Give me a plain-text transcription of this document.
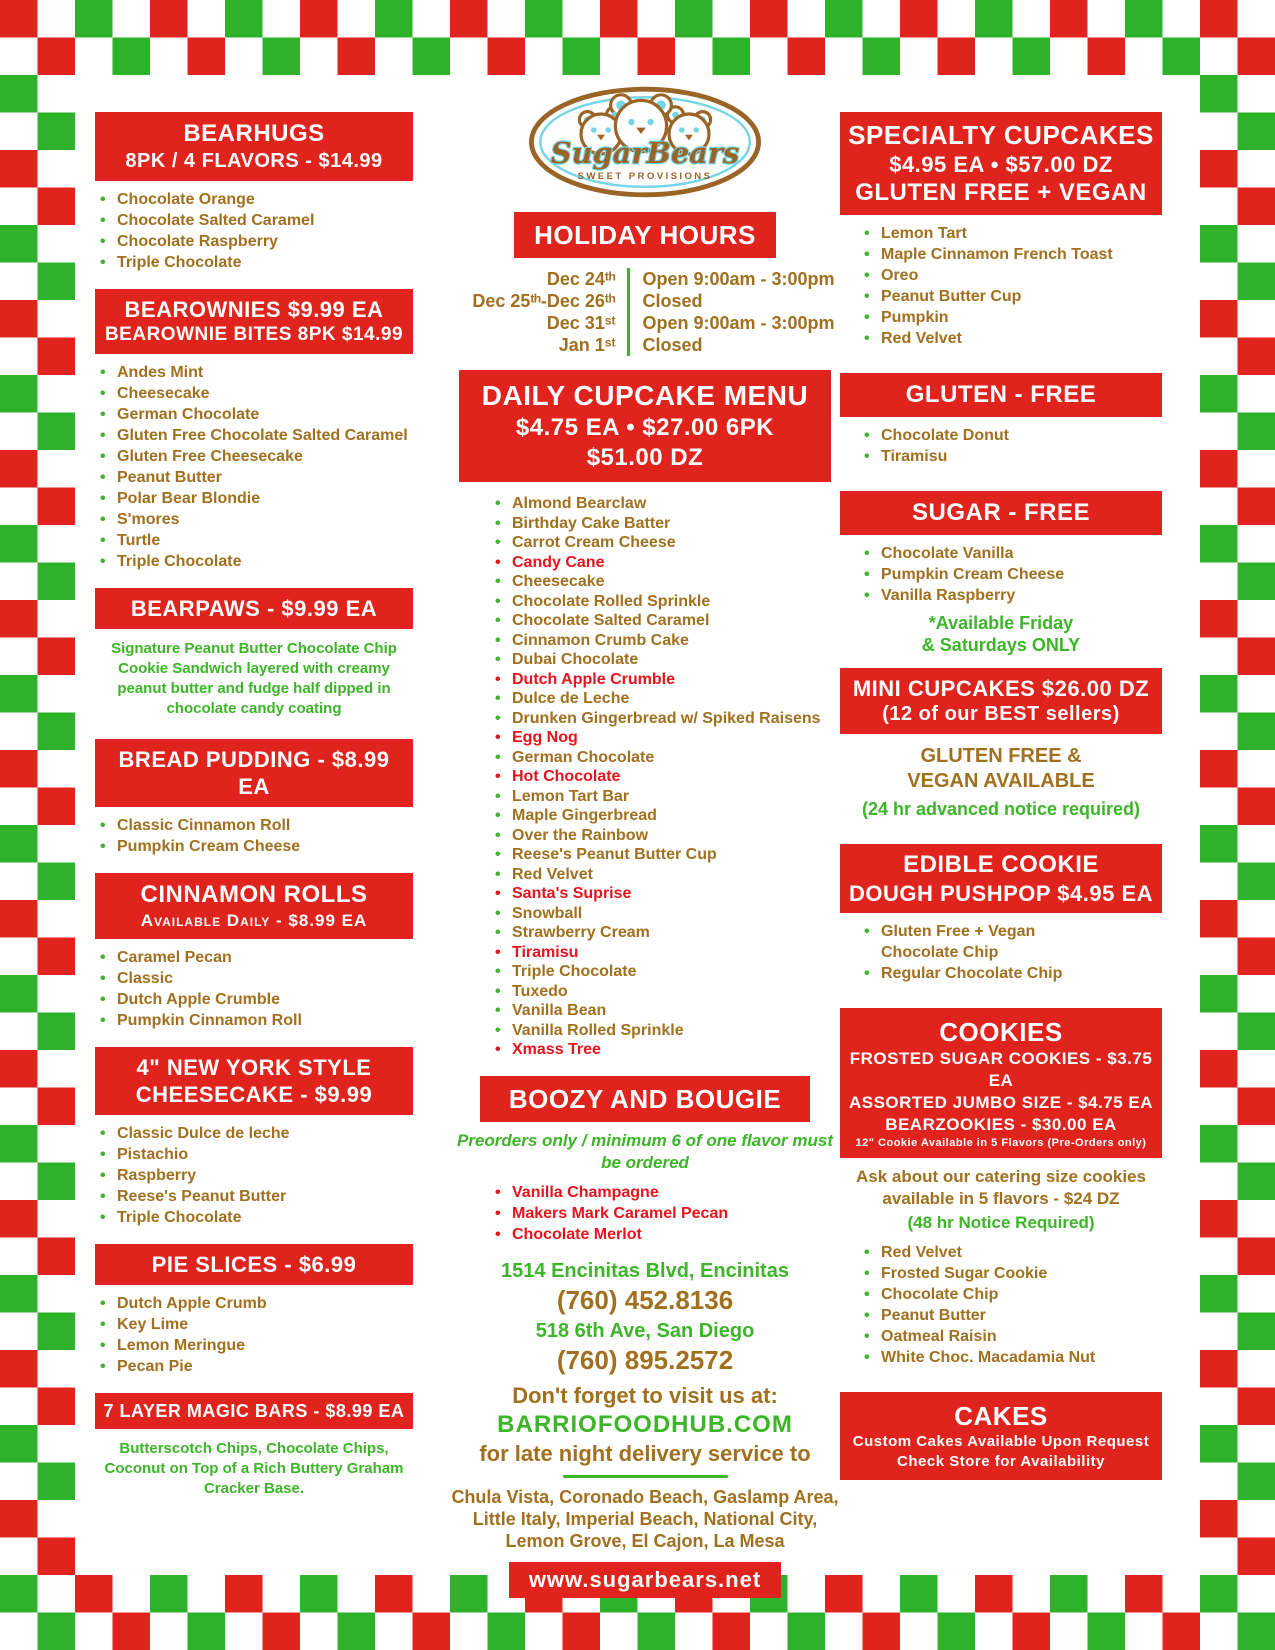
BEARHUGS
8PK / 4 FLAVORS - $14.99
• Chocolate Orange
• Chocolate Salted Caramel
• Chocolate Raspberry
• Triple Chocolate
BEAROWNIES $9.99 EA
BEAROWNIE BITES 8PK $14.99
• Andes Mint
• Cheesecake
• German Chocolate
• Gluten Free Chocolate Salted Caramel
• Gluten Free Cheesecake
• Peanut Butter
• Polar Bear Blondie
• S'mores
• Turtle
• Triple Chocolate
BEARPAWS - $9.99 EA

Signature Peanut Butter Chocolate Chip Cookie Sandwich layered with creamy peanut butter and fudge half dipped in chocolate candy coating

BREAD PUDDING - $8.99 EA
• Classic Cinnamon Roll
• Pumpkin Cream Cheese
CINNAMON ROLLS
Available Daily - $8.99 EA
• Caramel Pecan
• Classic
• Dutch Apple Crumble
• Pumpkin Cinnamon Roll
4" NEW YORK STYLE
CHEESECAKE - $9.99
• Classic Dulce de leche
• Pistachio
• Raspberry
• Reese's Peanut Butter
• Triple Chocolate
PIE SLICES - $6.99
• Dutch Apple Crumb
• Key Lime
• Lemon Meringue
• Pecan Pie
7 LAYER MAGIC BARS - $8.99 EA

Butterscotch Chips, Chocolate Chips, Coconut on Top of a Rich Buttery Graham Cracker Base.

SugarBears
SWEET PROVISIONS
HOLIDAY HOURS
Dec 24ᵗʰ	Open 9:00am - 3:00pm
Dec 25ᵗʰ-Dec 26ᵗʰ	Closed
Dec 31ˢᵗ	Open 9:00am - 3:00pm
Jan 1ˢᵗ	Closed
DAILY CUPCAKE MENU
$4.75 EA • $27.00 6PK
$51.00 DZ
• Almond Bearclaw
• Birthday Cake Batter
• Carrot Cream Cheese
• Candy Cane
• Cheesecake
• Chocolate Rolled Sprinkle
• Chocolate Salted Caramel
• Cinnamon Crumb Cake
• Dubai Chocolate
• Dutch Apple Crumble
• Dulce de Leche
• Drunken Gingerbread w/ Spiked Raisens
• Egg Nog
• German Chocolate
• Hot Chocolate
• Lemon Tart Bar
• Maple Gingerbread
• Over the Rainbow
• Reese's Peanut Butter Cup
• Red Velvet
• Santa's Suprise
• Snowball
• Strawberry Cream
• Tiramisu
• Triple Chocolate
• Tuxedo
• Vanilla Bean
• Vanilla Rolled Sprinkle
• Xmass Tree
BOOZY AND BOUGIE
Preorders only / minimum 6 of one flavor must be ordered
• Vanilla Champagne
• Makers Mark Caramel Pecan
• Chocolate Merlot
1514 Encinitas Blvd, Encinitas
(760) 452.8136
518 6th Ave, San Diego
(760) 895.2572
Don't forget to visit us at:
BARRIOFOODHUB.COM
for late night delivery service to
Chula Vista, Coronado Beach, Gaslamp Area, Little Italy, Imperial Beach, National City, Lemon Grove, El Cajon, La Mesa
www.sugarbears.net
SPECIALTY CUPCAKES
$4.95 EA • $57.00 DZ
GLUTEN FREE + VEGAN
• Lemon Tart
• Maple Cinnamon French Toast
• Oreo
• Peanut Butter Cup
• Pumpkin
• Red Velvet
GLUTEN - FREE
• Chocolate Donut
• Tiramisu
SUGAR - FREE
• Chocolate Vanilla
• Pumpkin Cream Cheese
• Vanilla Raspberry
*Available Friday
& Saturdays ONLY
MINI CUPCAKES $26.00 DZ
(12 of our BEST sellers)
GLUTEN FREE &
VEGAN AVAILABLE
(24 hr advanced notice required)
EDIBLE COOKIE
DOUGH PUSHPOP $4.95 EA
• Gluten Free + Vegan Chocolate Chip
• Regular Chocolate Chip
COOKIES
FROSTED SUGAR COOKIES - $3.75 EA
ASSORTED JUMBO SIZE - $4.75 EA
BEARZOOKIES - $30.00 EA
12" Cookie Available in 5 Flavors (Pre-Orders only)
Ask about our catering size cookies
available in 5 flavors - $24 DZ
(48 hr Notice Required)
• Red Velvet
• Frosted Sugar Cookie
• Chocolate Chip
• Peanut Butter
• Oatmeal Raisin
• White Choc. Macadamia Nut
CAKES
Custom Cakes Available Upon Request
Check Store for Availability
